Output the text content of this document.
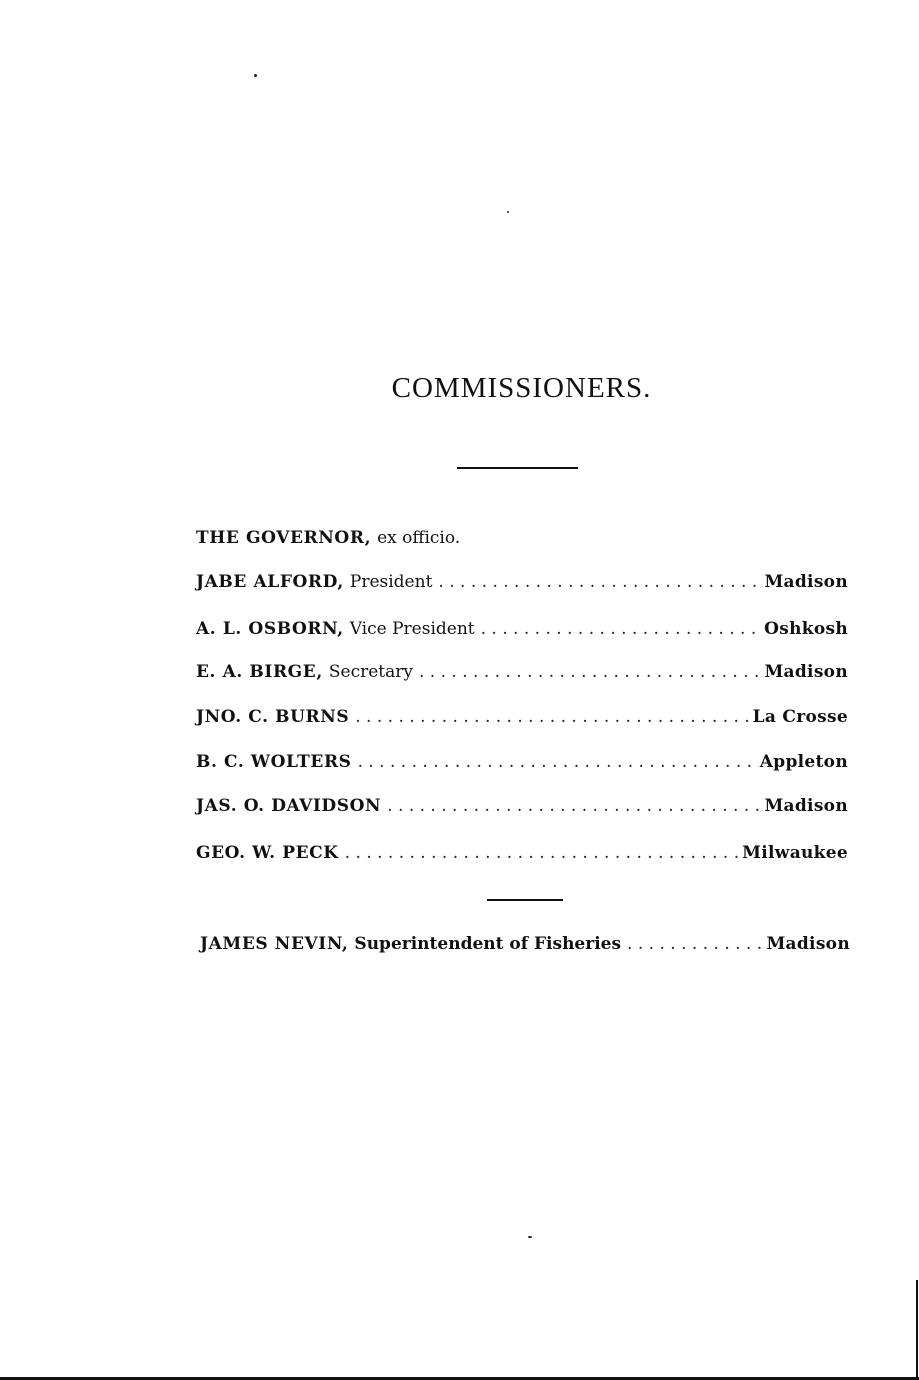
COMMISSIONERS.
THE GOVERNOR, ex officio.
JABE ALFORD, President . . .	Madison
A. L. OSBORN, Vice President . . .	Oshkosh
E. A. BIRGE, Secretary . . .	Madison
JNO. C. BURNS . . .	La Crosse
B. C. WOLTERS . . .	Appleton
JAS. O. DAVIDSON . . .	Madison
GEO. W. PECK . . .	Milwaukee
JAMES NEVIN, Superintendent of Fisheries . . .	Madison
